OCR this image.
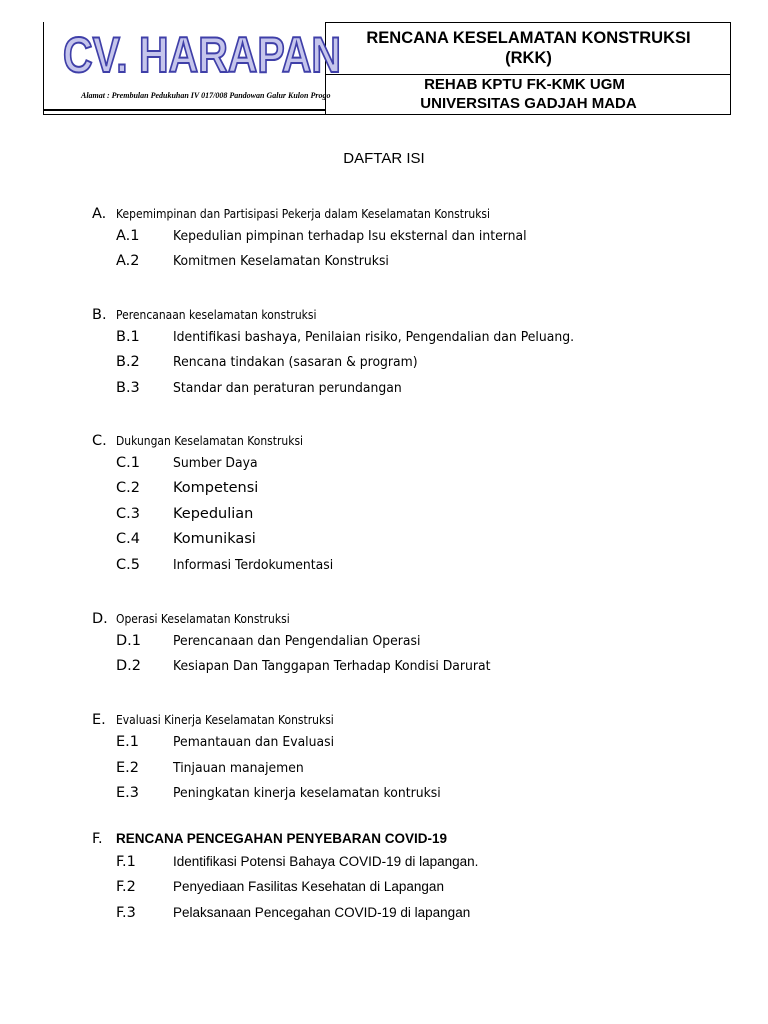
CV. HARAPAN
Alamat : Prembulan Pedukuhan IV 017/008 Pandowan Galur Kulon Progo
RENCANA KESELAMATAN KONSTRUKSI
(RKK)
REHAB KPTU FK-KMK UGM
UNIVERSITAS GADJAH MADA
DAFTAR ISI
A. Kepemimpinan dan Partisipasi Pekerja dalam Keselamatan Konstruksi
A.1 Kepedulian pimpinan terhadap Isu eksternal dan internal
A.2 Komitmen Keselamatan Konstruksi
B. Perencanaan keselamatan konstruksi
B.1 Identifikasi bashaya, Penilaian risiko, Pengendalian dan Peluang.
B.2 Rencana tindakan (sasaran & program)
B.3 Standar dan peraturan perundangan
C. Dukungan Keselamatan Konstruksi
C.1 Sumber Daya
C.2 Kompetensi
C.3 Kepedulian
C.4 Komunikasi
C.5 Informasi Terdokumentasi
D. Operasi Keselamatan Konstruksi
D.1 Perencanaan dan Pengendalian Operasi
D.2 Kesiapan Dan Tanggapan Terhadap Kondisi Darurat
E. Evaluasi Kinerja Keselamatan Konstruksi
E.1	Pemantauan dan Evaluasi
E.2	Tinjauan manajemen
E.3	Peningkatan kinerja keselamatan kontruksi
F. RENCANA PENCEGAHAN PENYEBARAN COVID-19
F.1	Identifikasi Potensi Bahaya COVID-19 di lapangan.
F.2	Penyediaan Fasilitas Kesehatan di Lapangan
F.3	Pelaksanaan Pencegahan COVID-19 di lapangan
